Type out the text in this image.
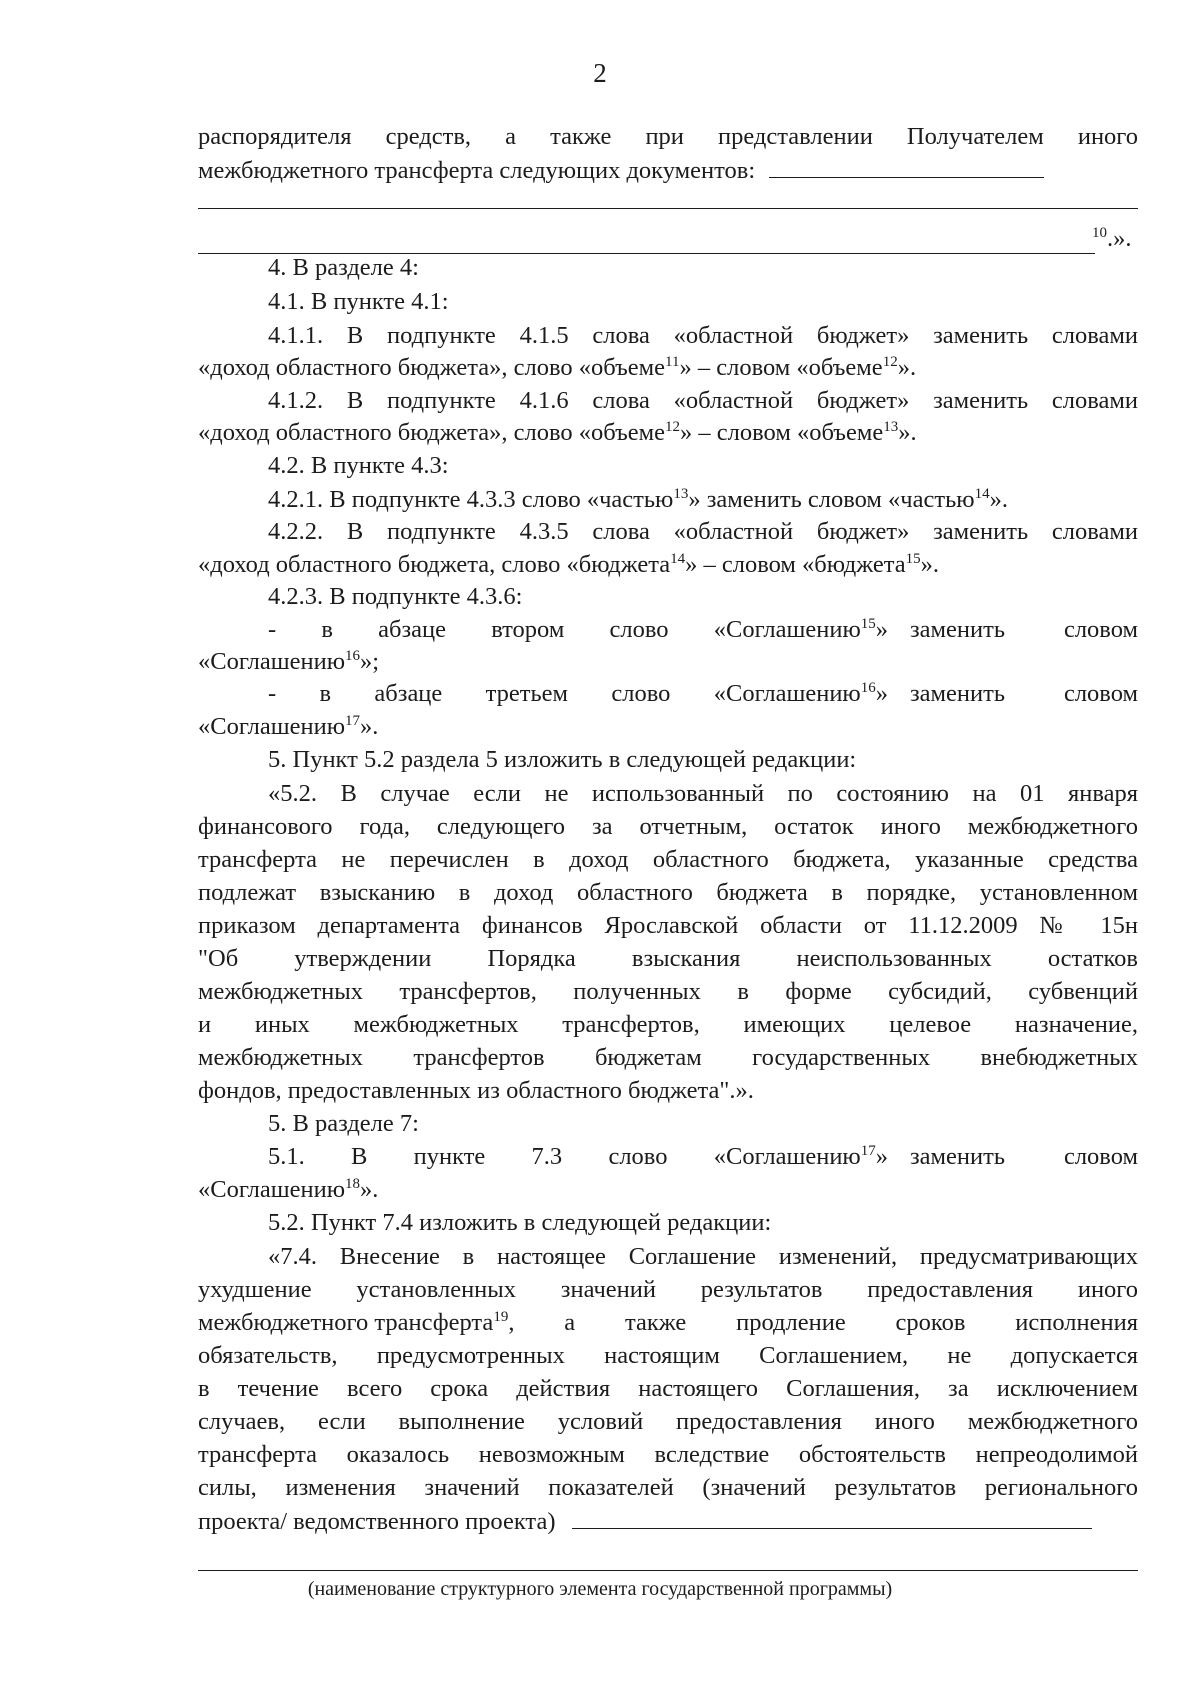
2
распорядителя средств, а также при представлении Получателем иного
межбюджетного трансферта следующих документов:
$^{10}$.».
4. В разделе 4:
4.1. В пункте 4.1:
4.1.1. В подпункте 4.1.5 слова «областной бюджет» заменить словами
«доход областного бюджета», слово «объеме$^{11}$» – словом «объеме$^{12}$».
4.1.2. В подпункте 4.1.6 слова «областной бюджет» заменить словами
«доход областного бюджета», слово «объеме$^{12}$» – словом «объеме$^{13}$».
4.2. В пункте 4.3:
4.2.1. В подпункте 4.3.3 слово «частью$^{13}$» заменить словом «частью$^{14}$».
4.2.2. В подпункте 4.3.5 слова «областной бюджет» заменить словами
«доход областного бюджета, слово «бюджета$^{14}$» – словом «бюджета$^{15}$».
4.2.3. В подпункте 4.3.6:
- в абзаце втором слово «Соглашению$^{15}$» заменить словом
«Соглашению$^{16}$»;
- в абзаце третьем слово «Соглашению$^{16}$» заменить словом
«Соглашению$^{17}$».
5. Пункт 5.2 раздела 5 изложить в следующей редакции:
«5.2. В случае если не использованный по состоянию на 01 января
финансового года, следующего за отчетным, остаток иного межбюджетного
трансферта не перечислен в доход областного бюджета, указанные средства
подлежат взысканию в доход областного бюджета в порядке, установленном
приказом департамента финансов Ярославской области от 11.12.2009 № 15н
"Об утверждении Порядка взыскания неиспользованных остатков
межбюджетных трансфертов, полученных в форме субсидий, субвенций
и иных межбюджетных трансфертов, имеющих целевое назначение,
межбюджетных трансфертов бюджетам государственных внебюджетных
фондов, предоставленных из областного бюджета".».
5. В разделе 7:
5.1. В пункте 7.3 слово «Соглашению$^{17}$» заменить словом
«Соглашению$^{18}$».
5.2. Пункт 7.4 изложить в следующей редакции:
«7.4. Внесение в настоящее Соглашение изменений, предусматривающих
ухудшение установленных значений результатов предоставления иного
межбюджетного трансферта$^{19}$ , а также продление сроков исполнения
обязательств, предусмотренных настоящим Соглашением, не допускается
в течение всего срока действия настоящего Соглашения, за исключением
случаев, если выполнение условий предоставления иного межбюджетного
трансферта оказалось невозможным вследствие обстоятельств непреодолимой
силы, изменения значений показателей (значений результатов регионального
проекта/ ведомственного проекта)
(наименование структурного элемента государственной программы)
